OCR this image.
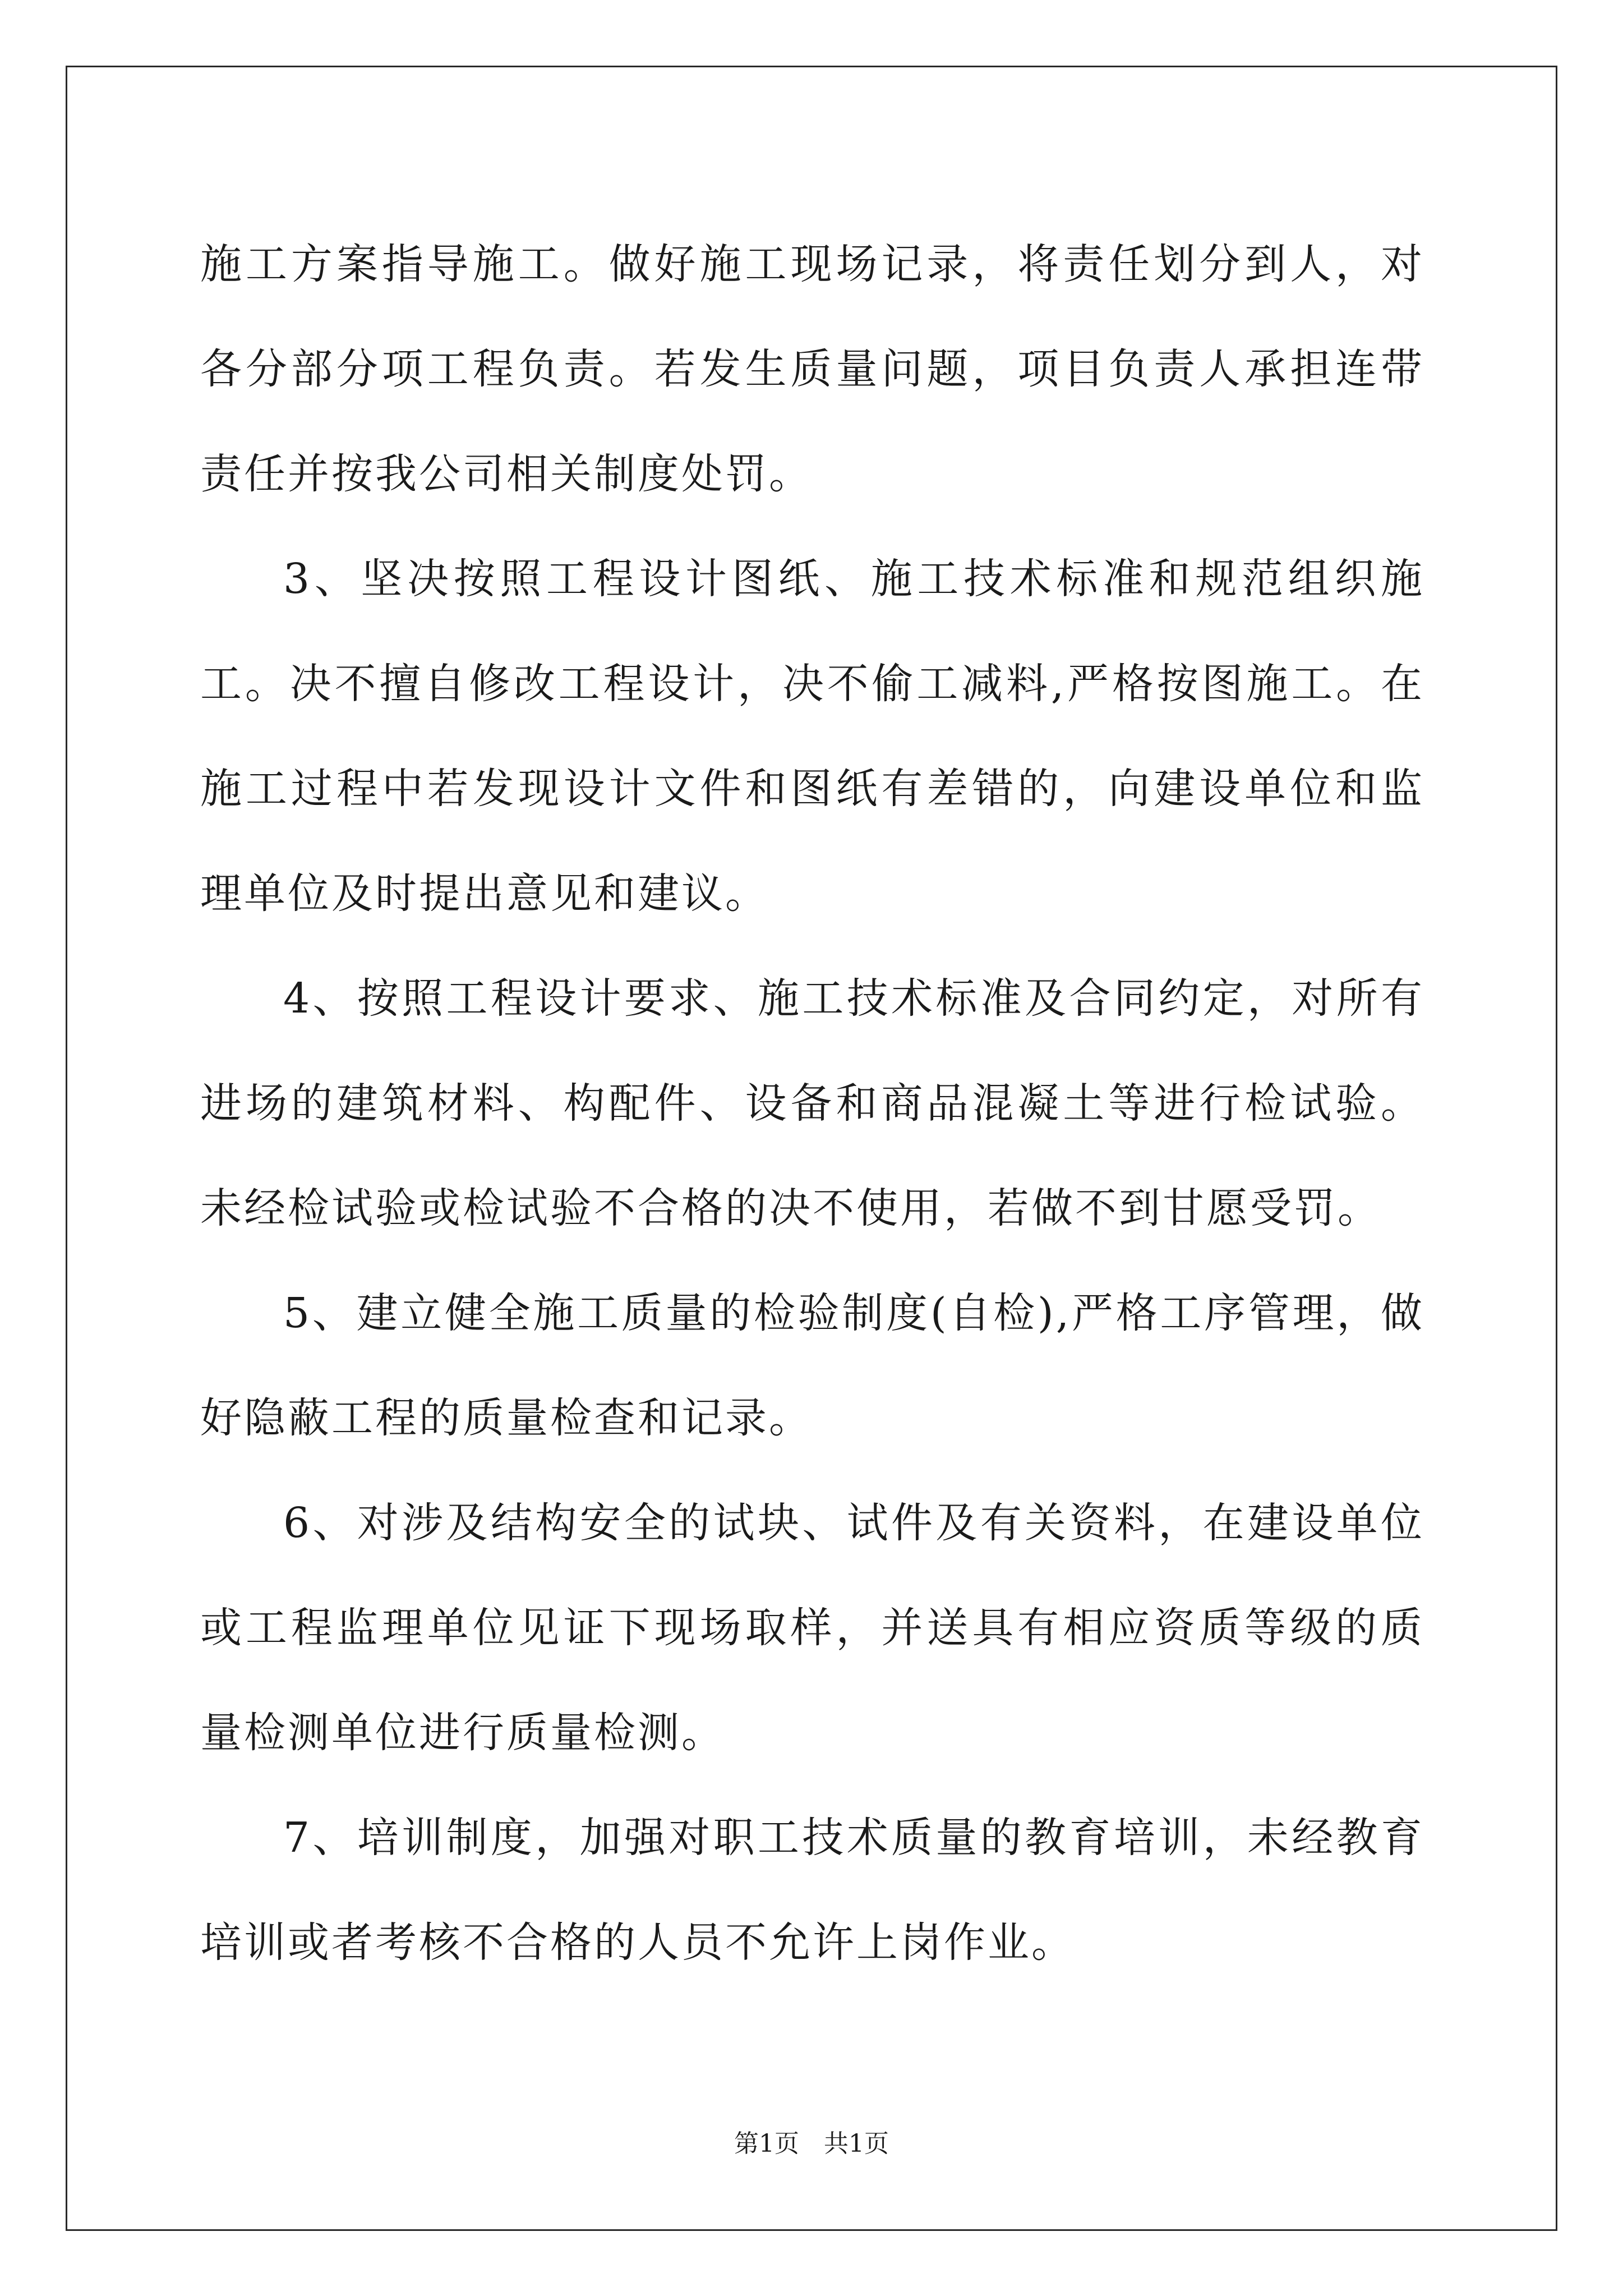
施工方案指导施工。做好施工现场记录，将责任划分到人，对各分部分项工程负责。若发生质量问题，项目负责人承担连带责任并按我公司相关制度处罚。

3、坚决按照工程设计图纸、施工技术标准和规范组织施工。决不擅自修改工程设计，决不偷工减料,严格按图施工。在施工过程中若发现设计文件和图纸有差错的，向建设单位和监理单位及时提出意见和建议。

4、按照工程设计要求、施工技术标准及合同约定，对所有进场的建筑材料、构配件、设备和商品混凝土等进行检试验。未经检试验或检试验不合格的决不使用，若做不到甘愿受罚。

5、建立健全施工质量的检验制度(自检),严格工序管理，做好隐蔽工程的质量检查和记录。

6、对涉及结构安全的试块、试件及有关资料，在建设单位或工程监理单位见证下现场取样，并送具有相应资质等级的质量检测单位进行质量检测。

7、培训制度，加强对职工技术质量的教育培训，未经教育培训或者考核不合格的人员不允许上岗作业。

第1页 共1页
